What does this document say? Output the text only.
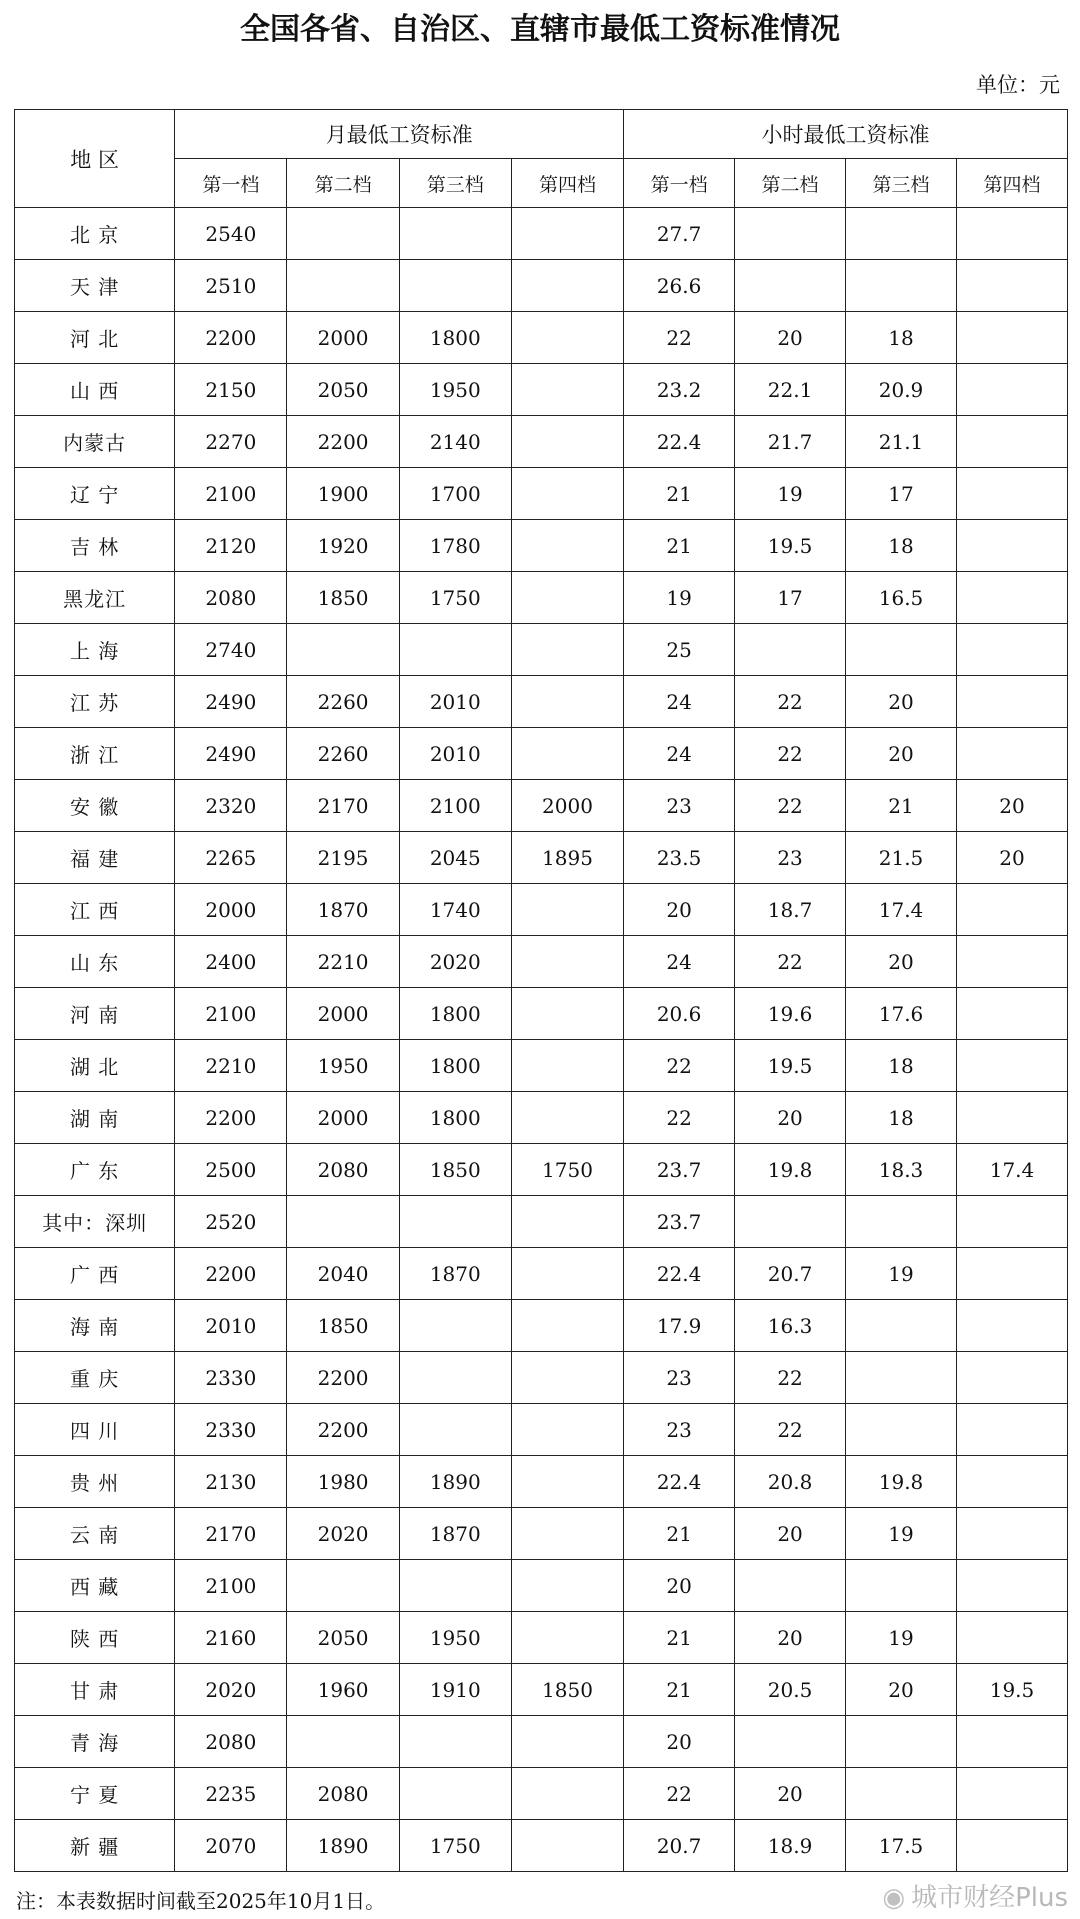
全国各省、自治区、直辖市最低工资标准情况
单位：元
地 区	月最低工资标准				小时最低工资标准			
	第一档	第二档	第三档	第四档	第一档	第二档	第三档	第四档
北 京	2540				27.7			
天 津	2510				26.6			
河 北	2200	2000	1800		22	20	18	
山 西	2150	2050	1950		23.2	22.1	20.9	
内蒙古	2270	2200	2140		22.4	21.7	21.1	
辽 宁	2100	1900	1700		21	19	17	
吉 林	2120	1920	1780		21	19.5	18	
黑龙江	2080	1850	1750		19	17	16.5	
上 海	2740				25			
江 苏	2490	2260	2010		24	22	20	
浙 江	2490	2260	2010		24	22	20	
安 徽	2320	2170	2100	2000	23	22	21	20
福 建	2265	2195	2045	1895	23.5	23	21.5	20
江 西	2000	1870	1740		20	18.7	17.4	
山 东	2400	2210	2020		24	22	20	
河 南	2100	2000	1800		20.6	19.6	17.6	
湖 北	2210	1950	1800		22	19.5	18	
湖 南	2200	2000	1800		22	20	18	
广 东	2500	2080	1850	1750	23.7	19.8	18.3	17.4
其中：深圳	2520				23.7			
广 西	2200	2040	1870		22.4	20.7	19	
海 南	2010	1850			17.9	16.3		
重 庆	2330	2200			23	22		
四 川	2330	2200			23	22		
贵 州	2130	1980	1890		22.4	20.8	19.8	
云 南	2170	2020	1870		21	20	19	
西 藏	2100				20			
陕 西	2160	2050	1950		21	20	19	
甘 肃	2020	1960	1910	1850	21	20.5	20	19.5
青 海	2080				20			
宁 夏	2235	2080			22	20		
新 疆	2070	1890	1750		20.7	18.9	17.5	
注：本表数据时间截至2025年10月1日。	◉ 城市财经Plus
